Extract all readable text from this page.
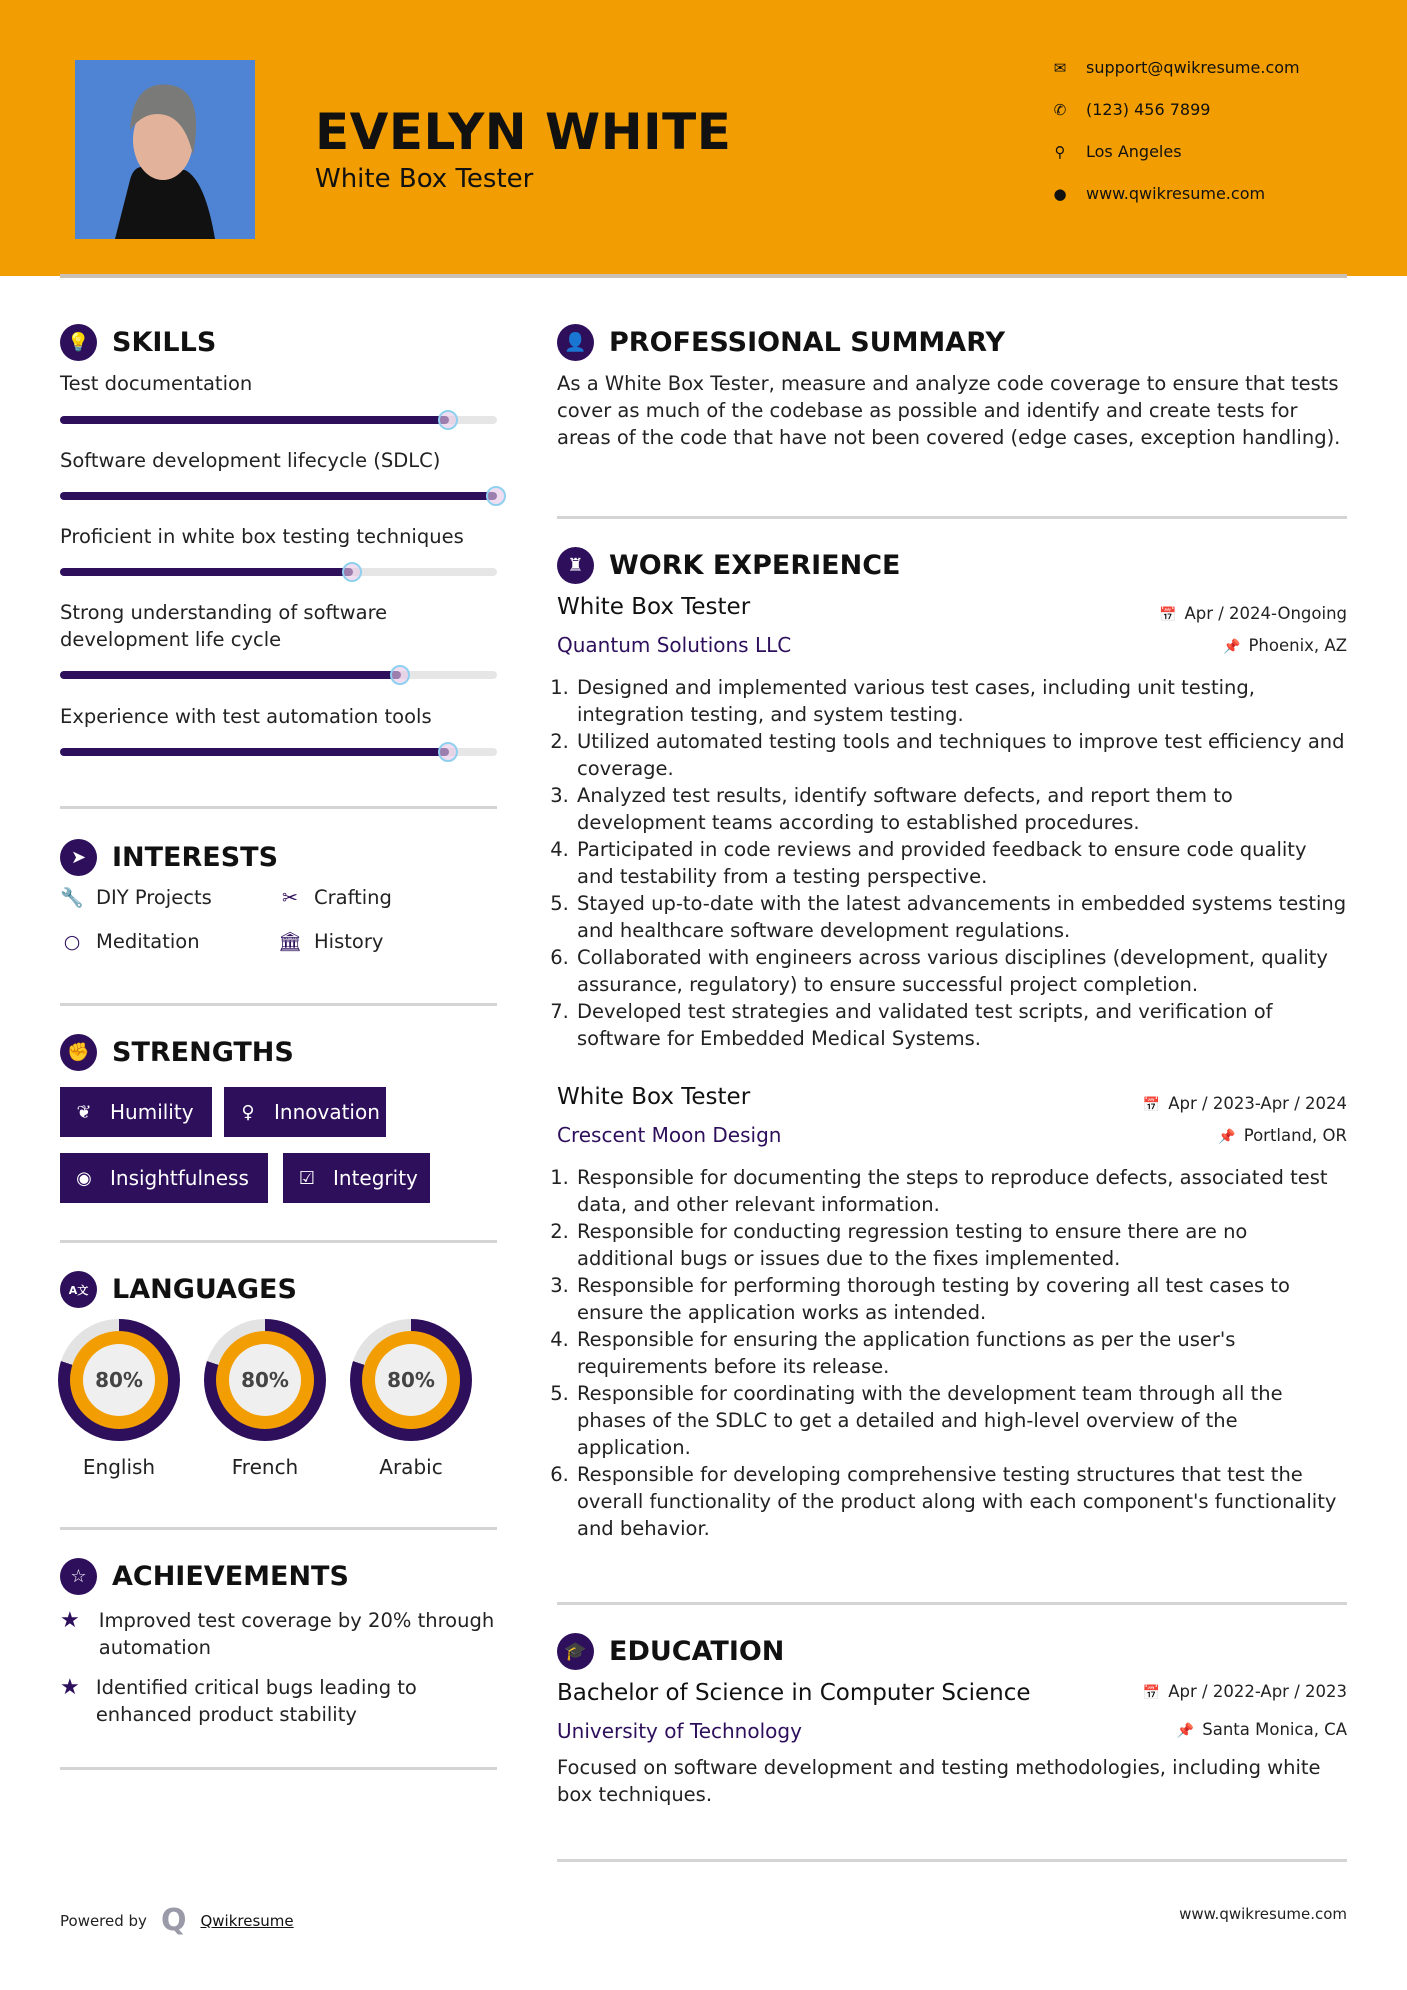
EVELYN WHITE
White Box Tester
✉ support@qwikresume.com
✆ (123) 456 7899
⚲ Los Angeles
● www.qwikresume.com
💡 SKILLS
Test documentation
Software development lifecycle (SDLC)
Proficient in white box testing techniques
Strong understanding of software development life cycle
Experience with test automation tools
➤ INTERESTS
🔧 DIY Projects	✂ Crafting
○ Meditation	🏛 History
✊ STRENGTHS
❦ Humility	♀ Innovation
◉ Insightfulness	☑ Integrity
A文 LANGUAGES
80%	80%	80%
English	French	Arabic
☆ ACHIEVEMENTS
★ Improved test coverage by 20% through automation
★ Identified critical bugs leading to enhanced product stability
👤 PROFESSIONAL SUMMARY
As a White Box Tester, measure and analyze code coverage to ensure that tests cover as much of the codebase as possible and identify and create tests for areas of the code that have not been covered (edge cases, exception handling).
♜ WORK EXPERIENCE
White Box Tester
Quantum Solutions LLC
📅 Apr / 2024-Ongoing
📌 Phoenix, AZ
1. Designed and implemented various test cases, including unit testing, integration testing, and system testing.
2. Utilized automated testing tools and techniques to improve test efficiency and coverage.
3. Analyzed test results, identify software defects, and report them to development teams according to established procedures.
4. Participated in code reviews and provided feedback to ensure code quality and testability from a testing perspective.
5. Stayed up-to-date with the latest advancements in embedded systems testing and healthcare software development regulations.
6. Collaborated with engineers across various disciplines (development, quality assurance, regulatory) to ensure successful project completion.
7. Developed test strategies and validated test scripts, and verification of software for Embedded Medical Systems.
White Box Tester
Crescent Moon Design
📅 Apr / 2023-Apr / 2024
📌 Portland, OR
1. Responsible for documenting the steps to reproduce defects, associated test data, and other relevant information.
2. Responsible for conducting regression testing to ensure there are no additional bugs or issues due to the fixes implemented.
3. Responsible for performing thorough testing by covering all test cases to ensure the application works as intended.
4. Responsible for ensuring the application functions as per the user's requirements before its release.
5. Responsible for coordinating with the development team through all the phases of the SDLC to get a detailed and high-level overview of the application.
6. Responsible for developing comprehensive testing structures that test the overall functionality of the product along with each component's functionality and behavior.
🎓 EDUCATION
Bachelor of Science in Computer Science
University of Technology
📅 Apr / 2022-Apr / 2023
📌 Santa Monica, CA
Focused on software development and testing methodologies, including white box techniques.
Powered by Q Qwikresume	www.qwikresume.com
